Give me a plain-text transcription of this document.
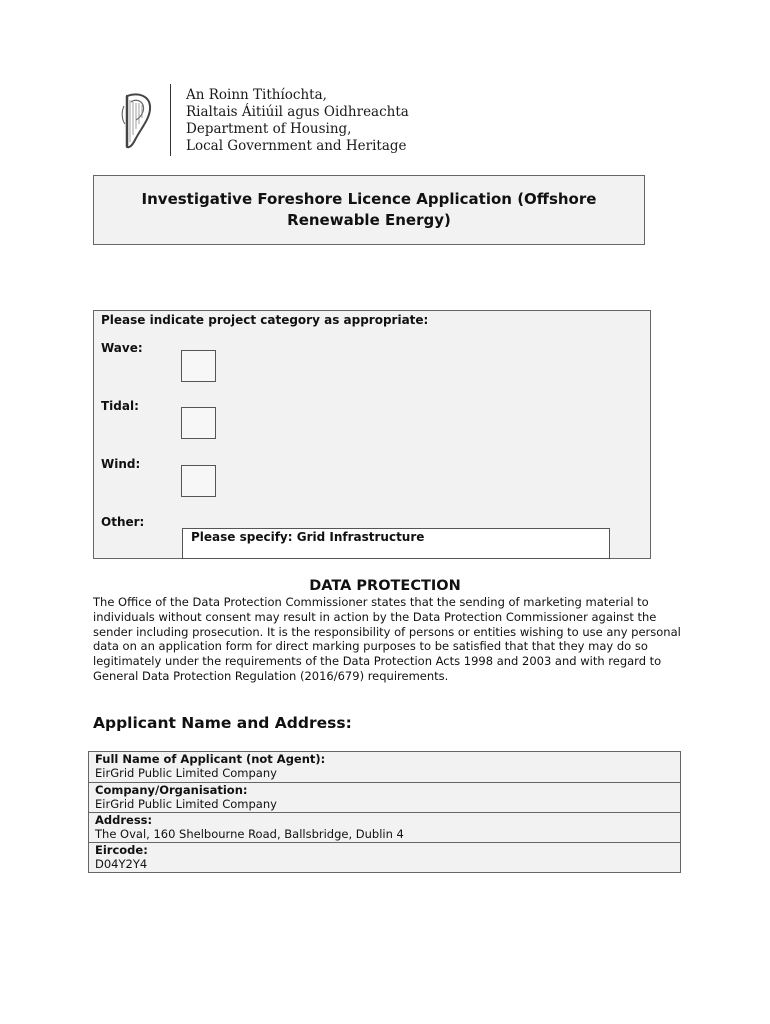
An Roinn Tithíochta,
Rialtais Áitiúil agus Oidhreachta
Department of Housing,
Local Government and Heritage
Investigative Foreshore Licence Application (Offshore Renewable Energy)
Please indicate project category as appropriate:
Wave:
Tidal:
Wind:
Other:
Please specify: Grid Infrastructure
DATA PROTECTION
The Office of the Data Protection Commissioner states that the sending of marketing material to individuals without consent may result in action by the Data Protection Commissioner against the sender including prosecution. It is the responsibility of persons or entities wishing to use any personal data on an application form for direct marking purposes to be satisfied that that they may do so legitimately under the requirements of the Data Protection Acts 1998 and 2003 and with regard to General Data Protection Regulation (2016/679) requirements.
Applicant Name and Address:
Full Name of Applicant (not Agent):
EirGrid Public Limited Company
Company/Organisation:
EirGrid Public Limited Company
Address:
The Oval, 160 Shelbourne Road, Ballsbridge, Dublin 4
Eircode:
D04Y2Y4
